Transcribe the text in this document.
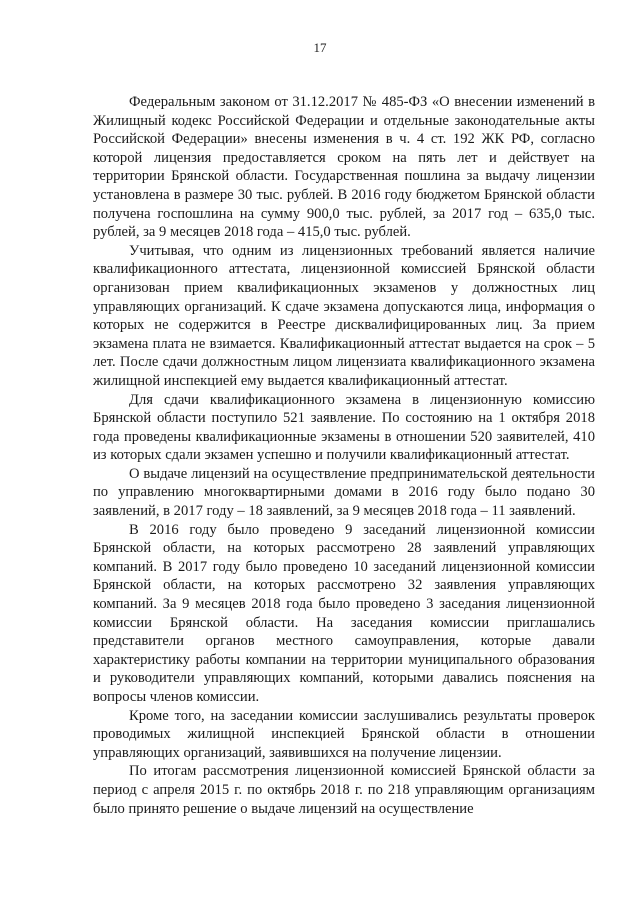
17

Федеральным законом от 31.12.2017 № 485-ФЗ «О внесении изменений в Жилищный кодекс Российской Федерации и отдельные законодательные акты Российской Федерации» внесены изменения в ч. 4 ст. 192 ЖК РФ, согласно которой лицензия предоставляется сроком на пять лет и действует на территории Брянской области. Государственная пошлина за выдачу лицензии установлена в размере 30 тыс. рублей. В 2016 году бюджетом Брянской области получена госпошлина на сумму 900,0 тыс. рублей, за 2017 год – 635,0 тыс. рублей, за 9 месяцев 2018 года – 415,0 тыс. рублей.

Учитывая, что одним из лицензионных требований является наличие квалификационного аттестата, лицензионной комиссией Брянской области организован прием квалификационных экзаменов у должностных лиц управляющих организаций. К сдаче экзамена допускаются лица, информация о которых не содержится в Реестре дисквалифицированных лиц. За прием экзамена плата не взимается. Квалификационный аттестат выдается на срок – 5 лет. После сдачи должностным лицом лицензиата квалификационного экзамена жилищной инспекцией ему выдается квалификационный аттестат.

Для сдачи квалификационного экзамена в лицензионную комиссию Брянской области поступило 521 заявление. По состоянию на 1 октября 2018 года проведены квалификационные экзамены в отношении 520 заявителей, 410 из которых сдали экзамен успешно и получили квалификационный аттестат.

О выдаче лицензий на осуществление предпринимательской деятельности по управлению многоквартирными домами в 2016 году было подано 30 заявлений, в 2017 году – 18 заявлений, за 9 месяцев 2018 года – 11 заявлений.

В 2016 году было проведено 9 заседаний лицензионной комиссии Брянской области, на которых рассмотрено 28 заявлений управляющих компаний. В 2017 году было проведено 10 заседаний лицензионной комиссии Брянской области, на которых рассмотрено 32 заявления управляющих компаний. За 9 месяцев 2018 года было проведено 3 заседания лицензионной комиссии Брянской области. На заседания комиссии приглашались представители органов местного самоуправления, которые давали характеристику работы компании на территории муниципального образования и руководители управляющих компаний, которыми давались пояснения на вопросы членов комиссии.

Кроме того, на заседании комиссии заслушивались результаты проверок проводимых жилищной инспекцией Брянской области в отношении управляющих организаций, заявившихся на получение лицензии.

По итогам рассмотрения лицензионной комиссией Брянской области за период с апреля 2015 г. по октябрь 2018 г. по 218 управляющим организациям было принято решение о выдаче лицензий на осуществление
